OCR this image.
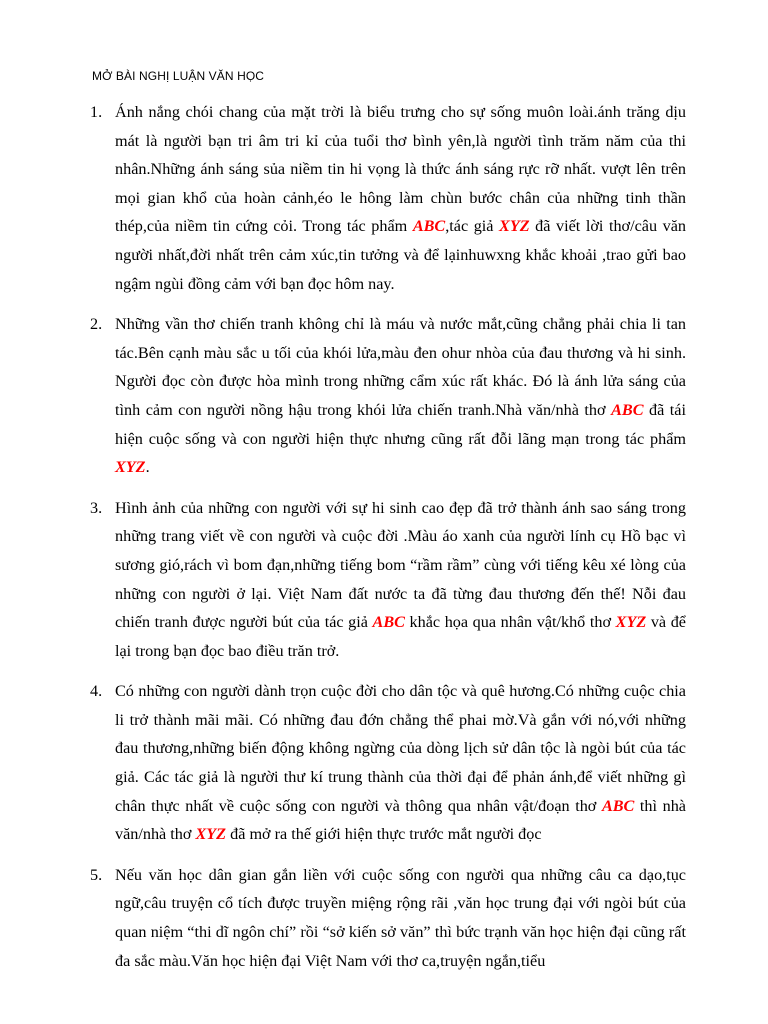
MỞ BÀI NGHỊ LUẬN VĂN HỌC
1. Ánh nắng chói chang của mặt trời là biểu trưng cho sự sống muôn loài.ánh trăng dịu mát là người bạn tri âm tri kỉ của tuổi thơ bình yên,là người tình trăm năm của thi nhân.Những ánh sáng sủa niềm tin hi vọng là thức ánh sáng rực rỡ nhất. vượt lên trên mọi gian khổ của hoàn cảnh,éo le hông làm chùn bước chân của những tinh thần thép,của niềm tin cứng cỏi. Trong tác phẩm ABC,tác giả XYZ đã viết lời thơ/câu văn người nhất,đời nhất trên cảm xúc,tin tưởng và để lạinhuwxng khắc khoải ,trao gửi bao ngậm ngùi đồng cảm với bạn đọc hôm nay.
2. Những vần thơ chiến tranh không chỉ là máu và nước mắt,cũng chẳng phải chia li tan tác.Bên cạnh màu sắc u tối của khói lửa,màu đen ohur nhòa của đau thương và hi sinh. Người đọc còn được hòa mình trong những cẩm xúc rất khác. Đó là ánh lửa sáng của tình cảm con người nồng hậu trong khói lửa chiến tranh.Nhà văn/nhà thơ ABC đã tái hiện cuộc sống và con người hiện thực nhưng cũng rất đỗi lãng mạn trong tác phẩm XYZ.
3. Hình ảnh của những con người với sự hi sinh cao đẹp đã trở thành ánh sao sáng trong những trang viết về con người và cuộc đời .Màu áo xanh của người lính cụ Hồ bạc vì sương gió,rách vì bom đạn,những tiếng bom “rầm rầm” cùng với tiếng kêu xé lòng của những con người ở lại. Việt Nam đất nước ta đã từng đau thương đến thế! Nỗi đau chiến tranh được người bút của tác giả ABC khắc họa qua nhân vật/khổ thơ XYZ và để lại trong bạn đọc bao điều trăn trở.
4. Có những con người dành trọn cuộc đời cho dân tộc và quê hương.Có những cuộc chia li trở thành mãi mãi. Có những đau đớn chẳng thể phai mờ.Và gắn với nó,với những đau thương,những biến động không ngừng của dòng lịch sử dân tộc là ngòi bút của tác giả. Các tác giả là người thư kí trung thành của thời đại để phản ánh,để viết những gì chân thực nhất về cuộc sống con người và thông qua nhân vật/đoạn thơ ABC thì nhà văn/nhà thơ XYZ đã mở ra thế giới hiện thực trước mắt người đọc
5. Nếu văn học dân gian gắn liền với cuộc sống con người qua những câu ca dạo,tục ngữ,câu truyện cổ tích được truyền miệng rộng rãi ,văn học trung đại với ngòi bút của quan niệm “thi dĩ ngôn chí” rồi “sở kiến sở văn” thì bức trạnh văn học hiện đại cũng rất đa sắc màu.Văn học hiện đại Việt Nam với thơ ca,truyện ngắn,tiểu
